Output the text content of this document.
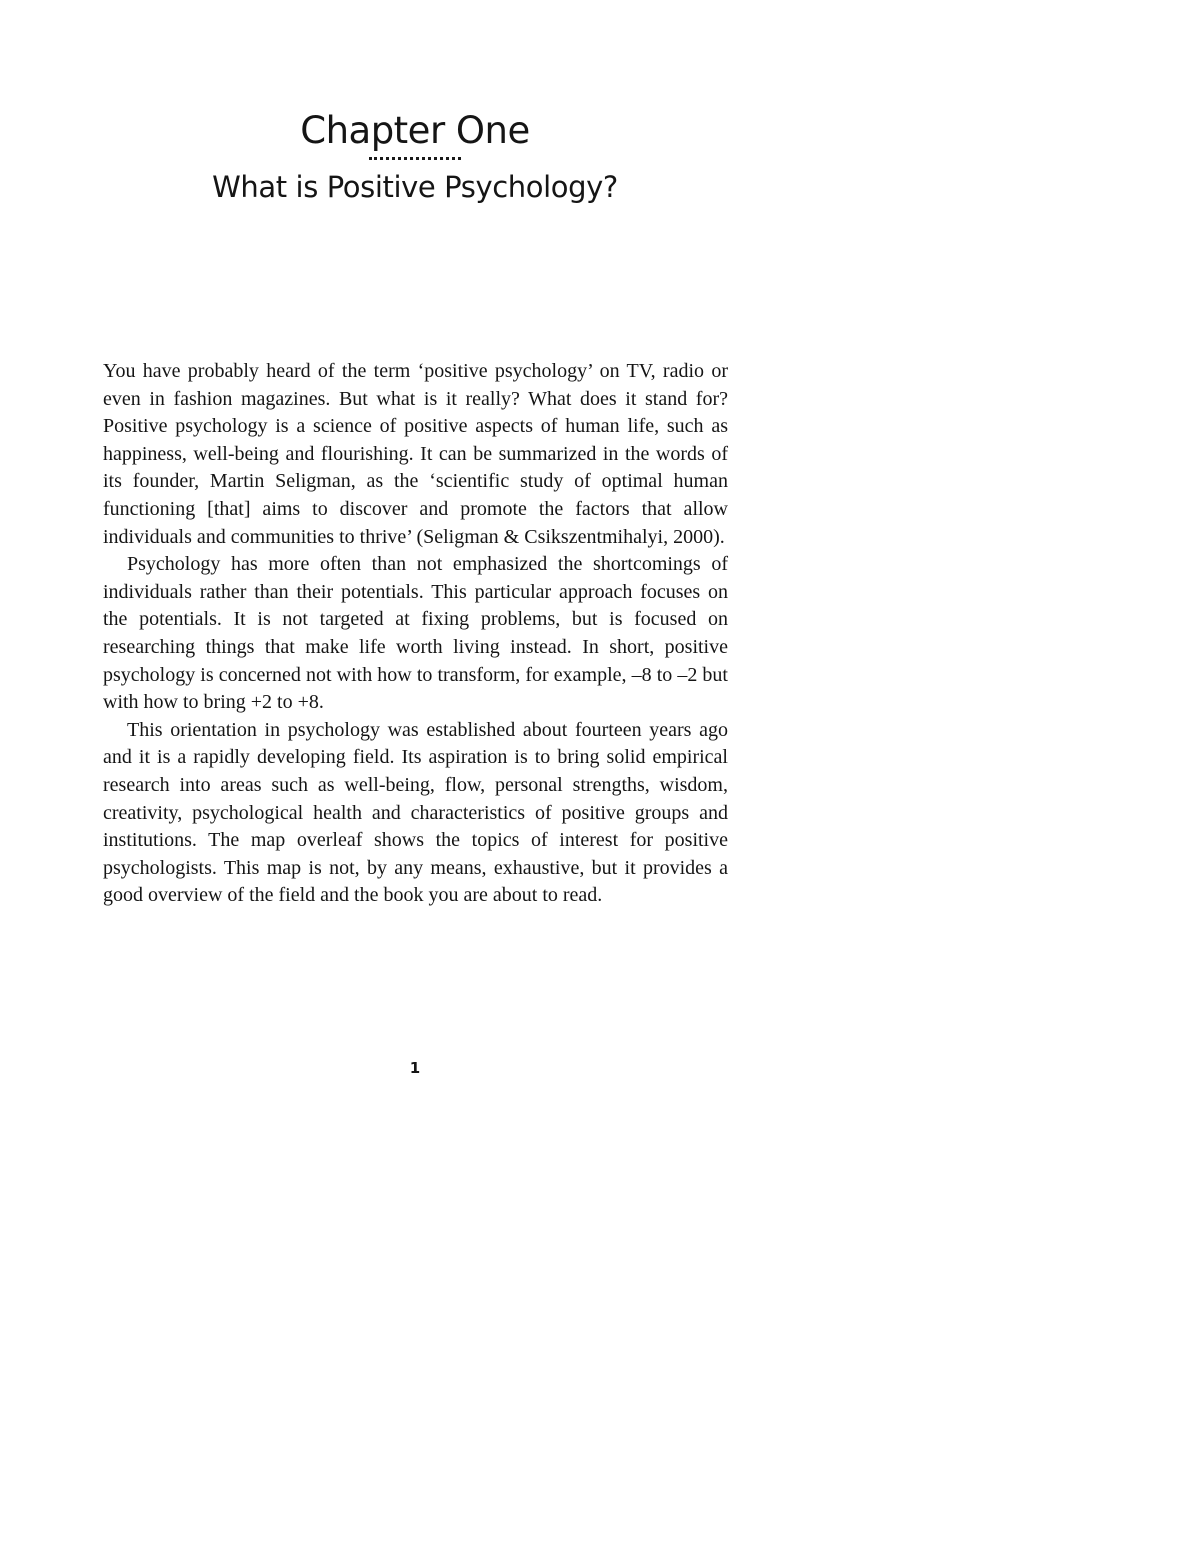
Chapter One
What is Positive Psychology?

You have probably heard of the term ‘positive psychology’ on TV, radio or even in fashion magazines. But what is it really? What does it stand for? Positive psychology is a science of positive aspects of human life, such as happiness, well-being and flourishing. It can be summarized in the words of its founder, Martin Seligman, as the ‘scientific study of optimal human functioning [that] aims to discover and promote the factors that allow individuals and communities to thrive’ (Seligman & Csikszentmihalyi, 2000).

Psychology has more often than not emphasized the shortcomings of individuals rather than their potentials. This particular approach focuses on the potentials. It is not targeted at fixing problems, but is focused on researching things that make life worth living instead. In short, positive psychology is concerned not with how to transform, for example, –8 to –2 but with how to bring +2 to +8.

This orientation in psychology was established about fourteen years ago and it is a rapidly developing field. Its aspiration is to bring solid empirical research into areas such as well-being, flow, personal strengths, wisdom, creativity, psychological health and characteristics of positive groups and institutions. The map overleaf shows the topics of interest for positive psychologists. This map is not, by any means, exhaustive, but it provides a good overview of the field and the book you are about to read.

1
